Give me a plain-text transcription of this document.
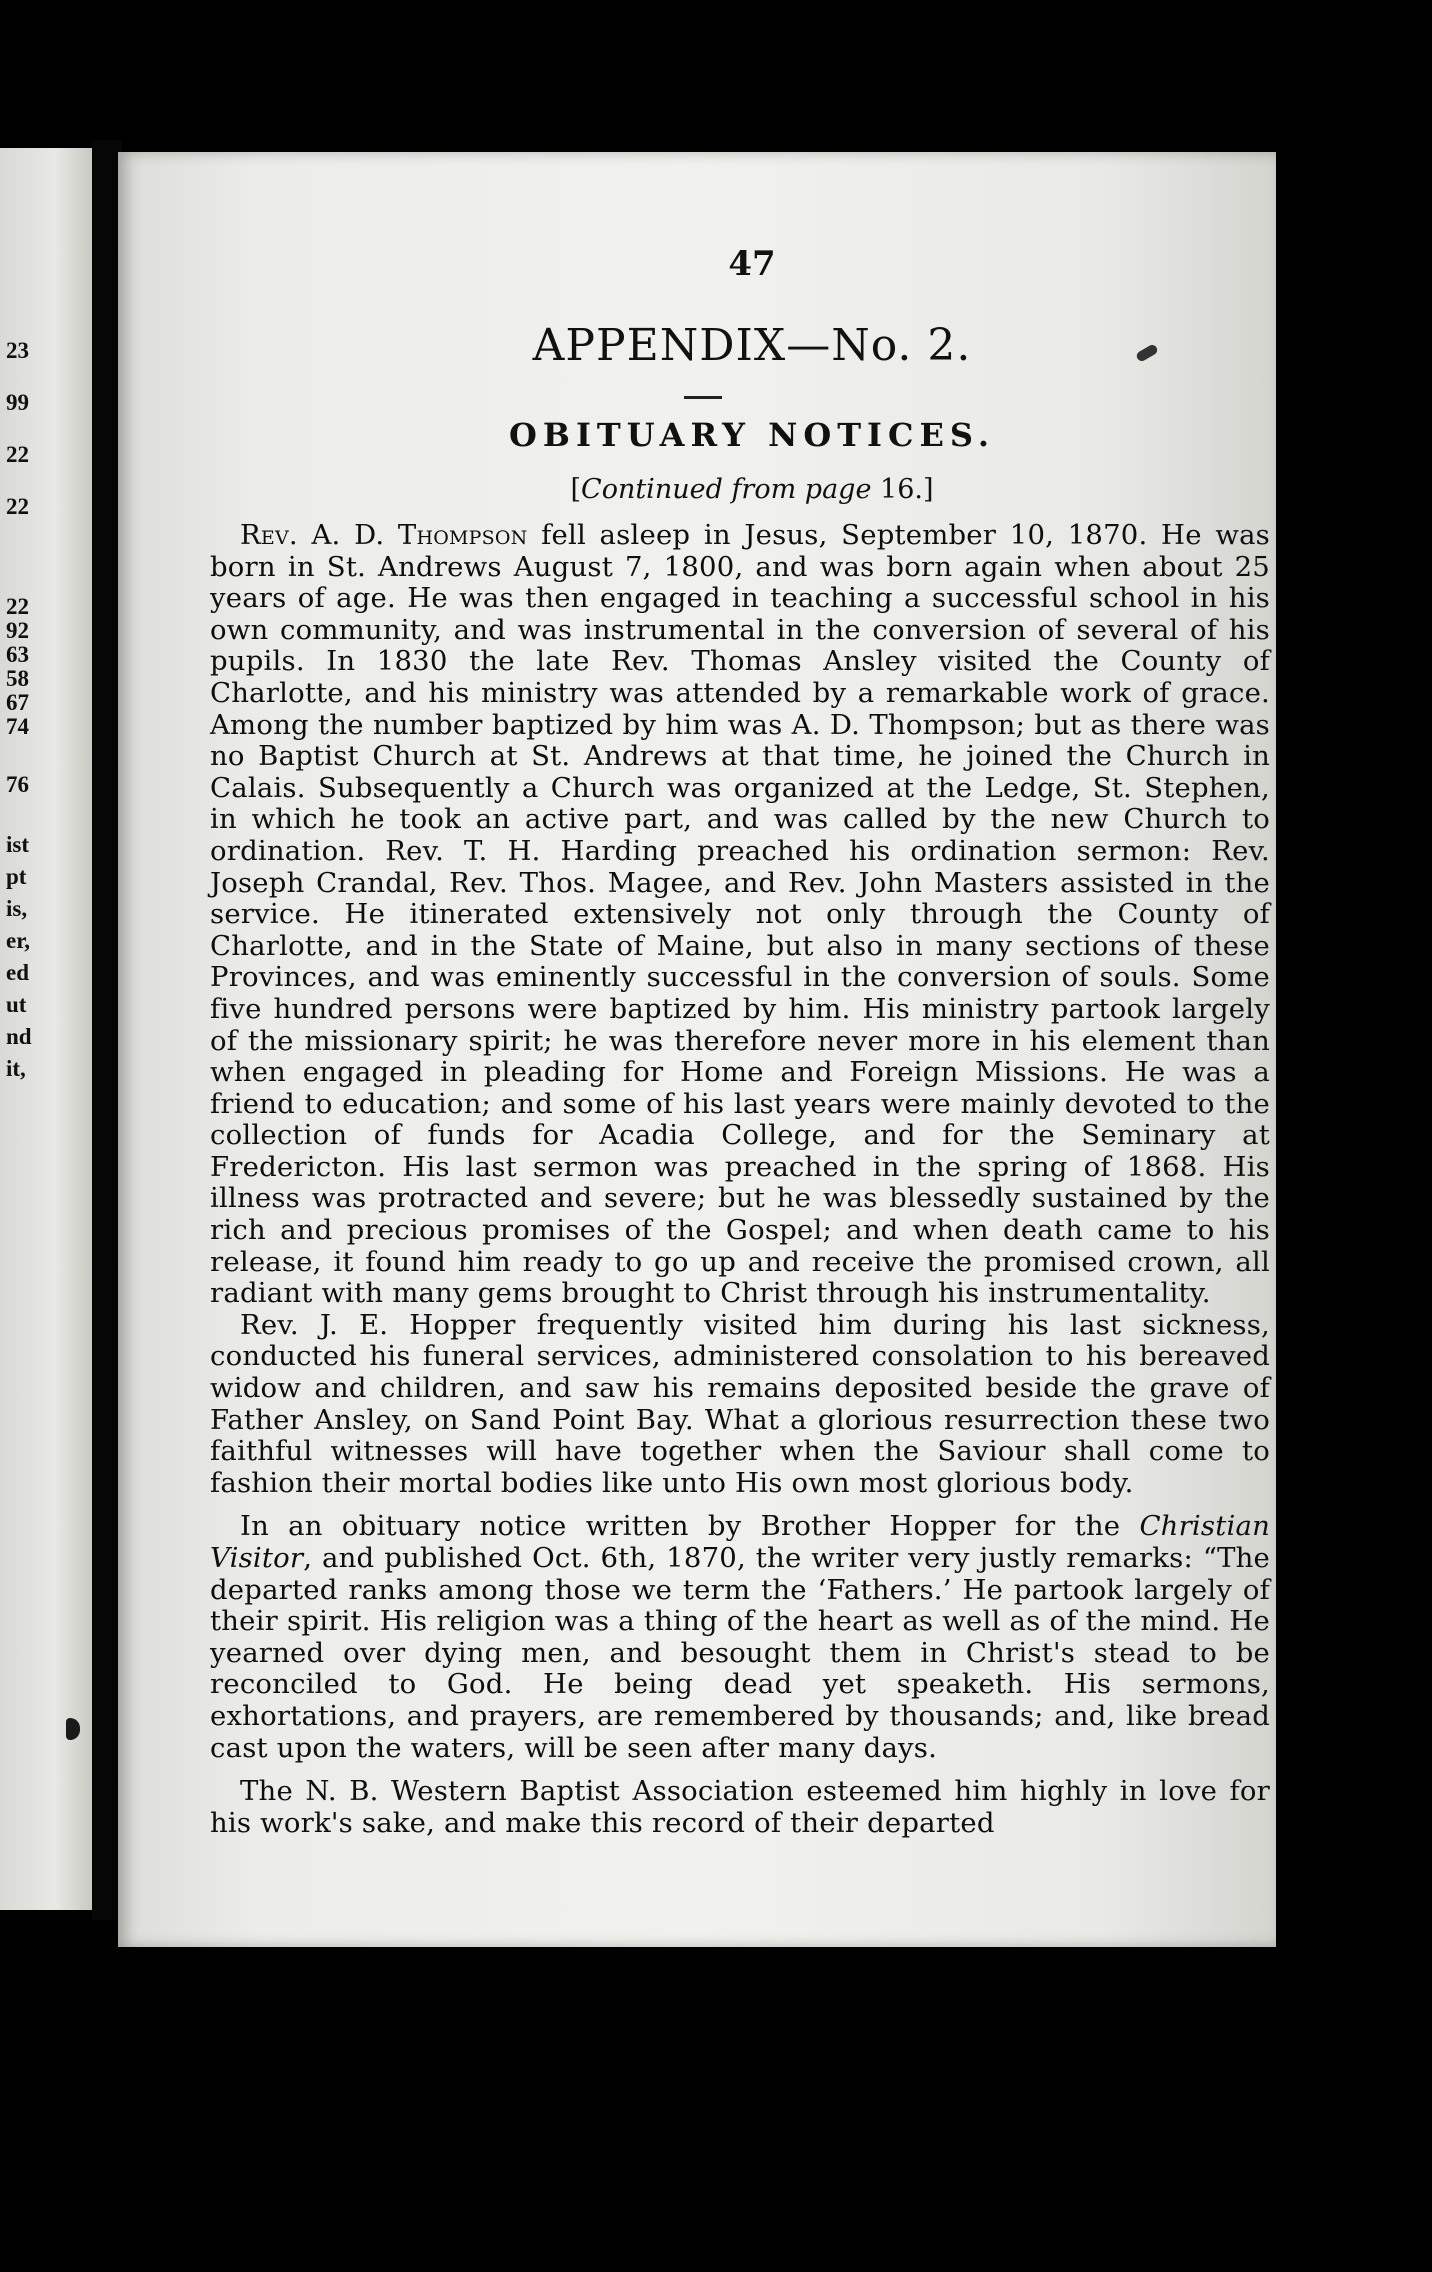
23
99
22
22
22
92
63
58
67
74
76
ist
pt
is,
er,
ed
ut
nd
it,
47
APPENDIX—No. 2.
OBITUARY NOTICES.
[Continued from page 16.]

Rev. A. D. Thompson fell asleep in Jesus, September 10, 1870. He was born in St. Andrews August 7, 1800, and was born again when about 25 years of age. He was then engaged in teaching a successful school in his own community, and was instrumental in the conversion of several of his pupils. In 1830 the late Rev. Thomas Ansley visited the County of Charlotte, and his ministry was attended by a remarkable work of grace. Among the number baptized by him was A. D. Thompson; but as there was no Baptist Church at St. Andrews at that time, he joined the Church in Calais. Subsequently a Church was organized at the Ledge, St. Stephen, in which he took an active part, and was called by the new Church to ordination. Rev. T. H. Harding preached his ordination sermon: Rev. Joseph Crandal, Rev. Thos. Magee, and Rev. John Masters assisted in the service. He itinerated extensively not only through the County of Charlotte, and in the State of Maine, but also in many sections of these Provinces, and was eminently successful in the conversion of souls. Some five hundred persons were baptized by him. His ministry partook largely of the missionary spirit; he was therefore never more in his element than when engaged in pleading for Home and Foreign Missions. He was a friend to education; and some of his last years were mainly devoted to the collection of funds for Acadia College, and for the Seminary at Fredericton. His last sermon was preached in the spring of 1868. His illness was protracted and severe; but he was blessedly sustained by the rich and precious promises of the Gospel; and when death came to his release, it found him ready to go up and receive the promised crown, all radiant with many gems brought to Christ through his instrumentality.

Rev. J. E. Hopper frequently visited him during his last sickness, conducted his funeral services, administered consolation to his bereaved widow and children, and saw his remains deposited beside the grave of Father Ansley, on Sand Point Bay. What a glorious resurrection these two faithful witnesses will have together when the Saviour shall come to fashion their mortal bodies like unto His own most glorious body.

In an obituary notice written by Brother Hopper for the Christian Visitor, and published Oct. 6th, 1870, the writer very justly remarks: “The departed ranks among those we term the ‘Fathers.’ He partook largely of their spirit. His religion was a thing of the heart as well as of the mind. He yearned over dying men, and besought them in Christ's stead to be reconciled to God. He being dead yet speaketh. His sermons, exhortations, and prayers, are remembered by thousands; and, like bread cast upon the waters, will be seen after many days.

The N. B. Western Baptist Association esteemed him highly in love for his work's sake, and make this record of their departed
